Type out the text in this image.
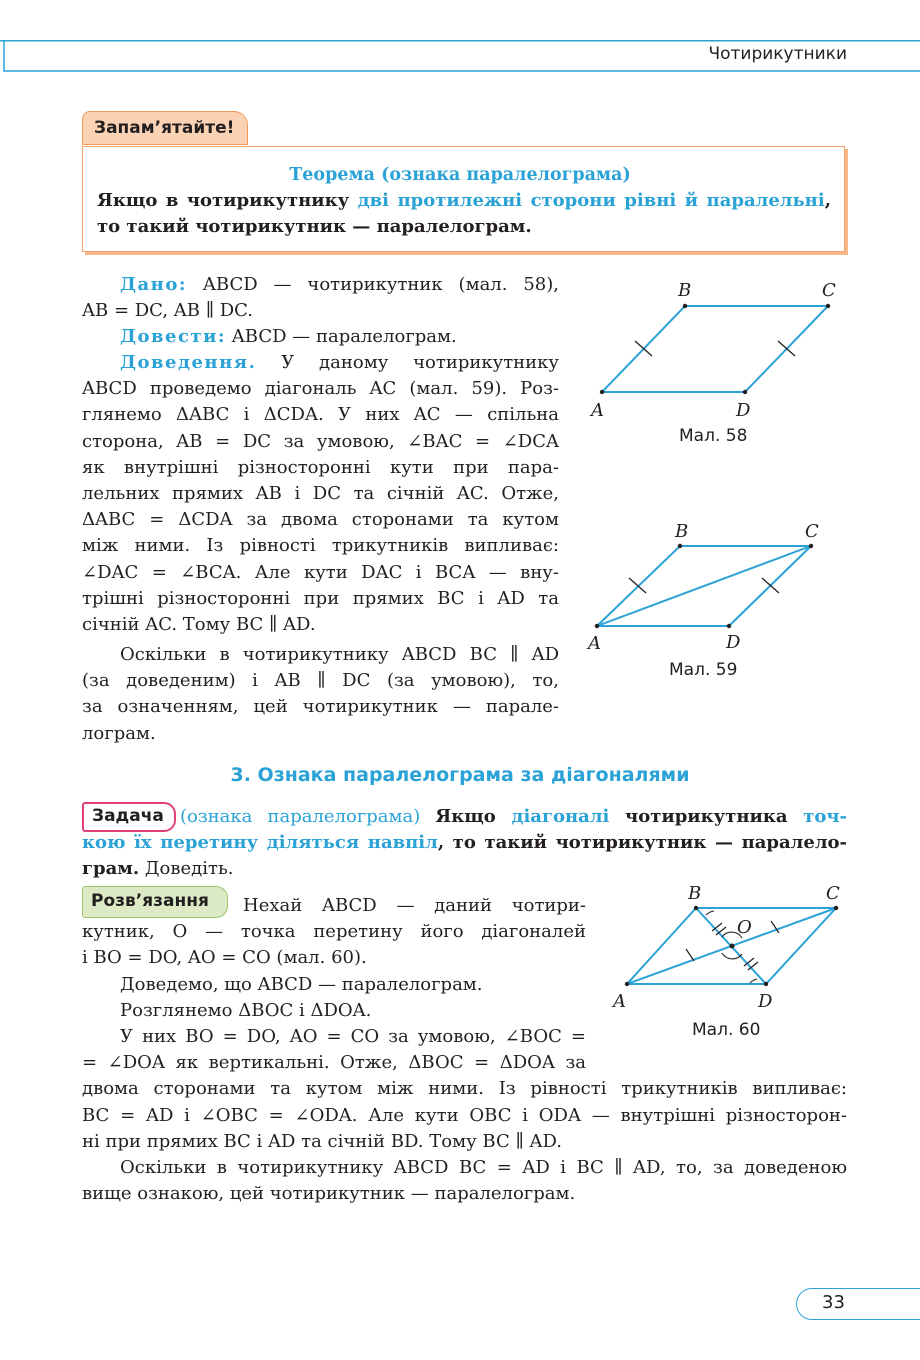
Чотирикутники
Запам’ятайте!
Теорема (ознака паралелограма)
Якщо в чотирикутнику дві протилежні сторони рівні й паралельні,
то такий чотирикутник — паралелограм.
Дано: ABCD — чотирикутник (мал. 58),
AB = DC, AB ∥ DC.
Довести: ABCD — паралелограм.
Доведення. У даному чотирикутнику
ABCD проведемо діагональ AC (мал. 59). Роз-
глянемо ΔABC і ΔCDA. У них AC — спільна
сторона, AB = DC за умовою, ∠BAC = ∠DCA
як внутрішні різносторонні кути при пара-
лельних прямих AB і DC та січній AC. Отже,
ΔABC = ΔCDA за двома сторонами та кутом
між ними. Із рівності трикутників випливає:
∠DAC = ∠BCA. Але кути DAC і BCA — вну-
трішні різносторонні при прямих BC і AD та
січній AC. Тому BC ∥ AD.
Оскільки в чотирикутнику ABCD BC ∥ AD
(за доведеним) і AB ∥ DC (за умовою), то,
за означенням, цей чотирикутник — парале-
лограм.
B	C
A	D
Мал. 58
B	C
A	D
Мал. 59
3. Ознака паралелограма за діагоналями
Задача (ознака паралелограма) Якщо діагоналі чотирикутника точ-
кою їх перетину діляться навпіл, то такий чотирикутник — паралело-
грам. Доведіть.
Розв’язання	Нехай ABCD — даний чотири-
кутник, O — точка перетину його діагоналей
і BO = DO, AO = CO (мал. 60).
Доведемо, що ABCD — паралелограм.
Розглянемо ΔBOC і ΔDOA.
У них BO = DO, AO = CO за умовою, ∠BOC =
= ∠DOA як вертикальні. Отже, ΔBOC = ΔDOA за
двома сторонами та кутом між ними. Із рівності трикутників випливає:
BC = AD і ∠OBC = ∠ODA. Але кути OBC і ODA — внутрішні різносторон-
ні при прямих BC і AD та січній BD. Тому BC ∥ AD.
Оскільки в чотирикутнику ABCD BC = AD і BC ∥ AD, то, за доведеною
вище ознакою, цей чотирикутник — паралелограм.
B	C
O
A	D
Мал. 60
33
